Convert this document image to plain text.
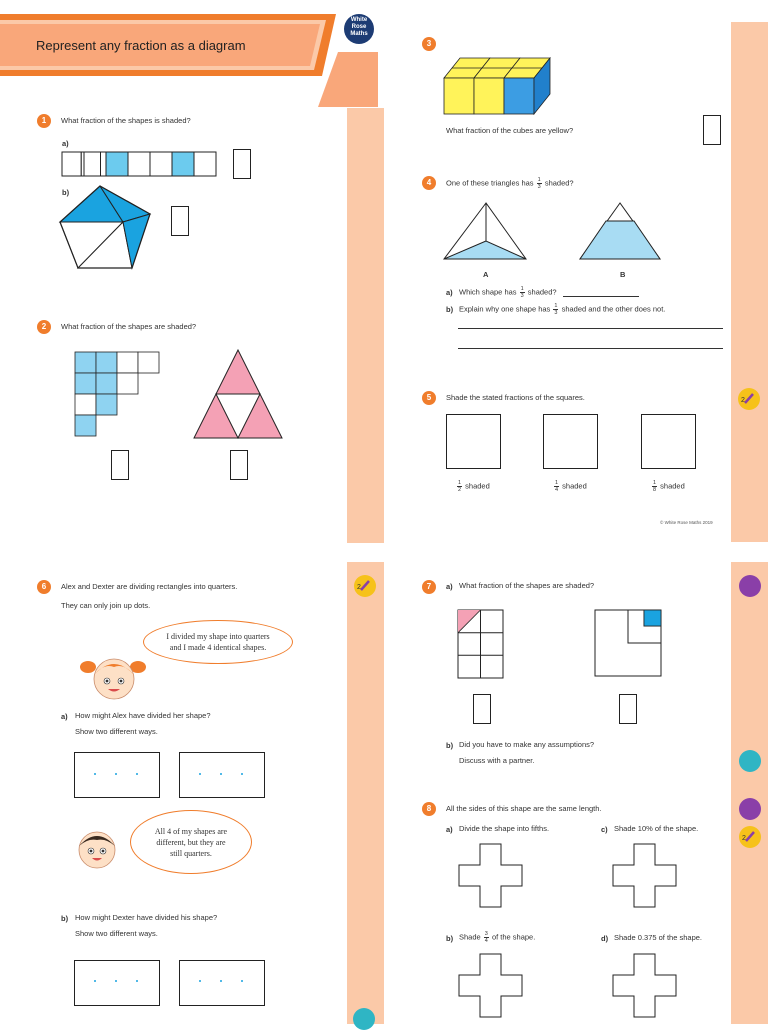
Represent any fraction as a diagram
White
Rose
Maths
1	What fraction of the shapes is shaded?
a)
b)
2	What fraction of the shapes are shaded?
3
What fraction of the cubes are yellow?
4	One of these triangles has $\frac{1}{3}$ shaded?
A	B
a) Which shape has $\frac{1}{3}$ shaded?
b) Explain why one shape has $\frac{1}{3}$ shaded and the other does not.
5	Shade the stated fractions of the squares.
$\frac{1}{2}$ shaded	$\frac{1}{4}$ shaded	$\frac{1}{8}$ shaded
© White Rose Maths 2019
2
2
6	Alex and Dexter are dividing rectangles into quarters.
They can only join up dots.
I divided my shape into quarters
and I made 4 identical shapes.
a) How might Alex have divided her shape?
Show two different ways.
All 4 of my shapes are
different, but they are
still quarters.
b) How might Dexter have divided his shape?
Show two different ways.
2
7	a) What fraction of the shapes are shaded?
b) Did you have to make any assumptions?
Discuss with a partner.
8	All the sides of this shape are the same length.
a) Divide the shape into fifths.	c) Shade 10% of the shape.
b) Shade $\frac{3}{4}$ of the shape.	d) Shade 0.375 of the shape.
